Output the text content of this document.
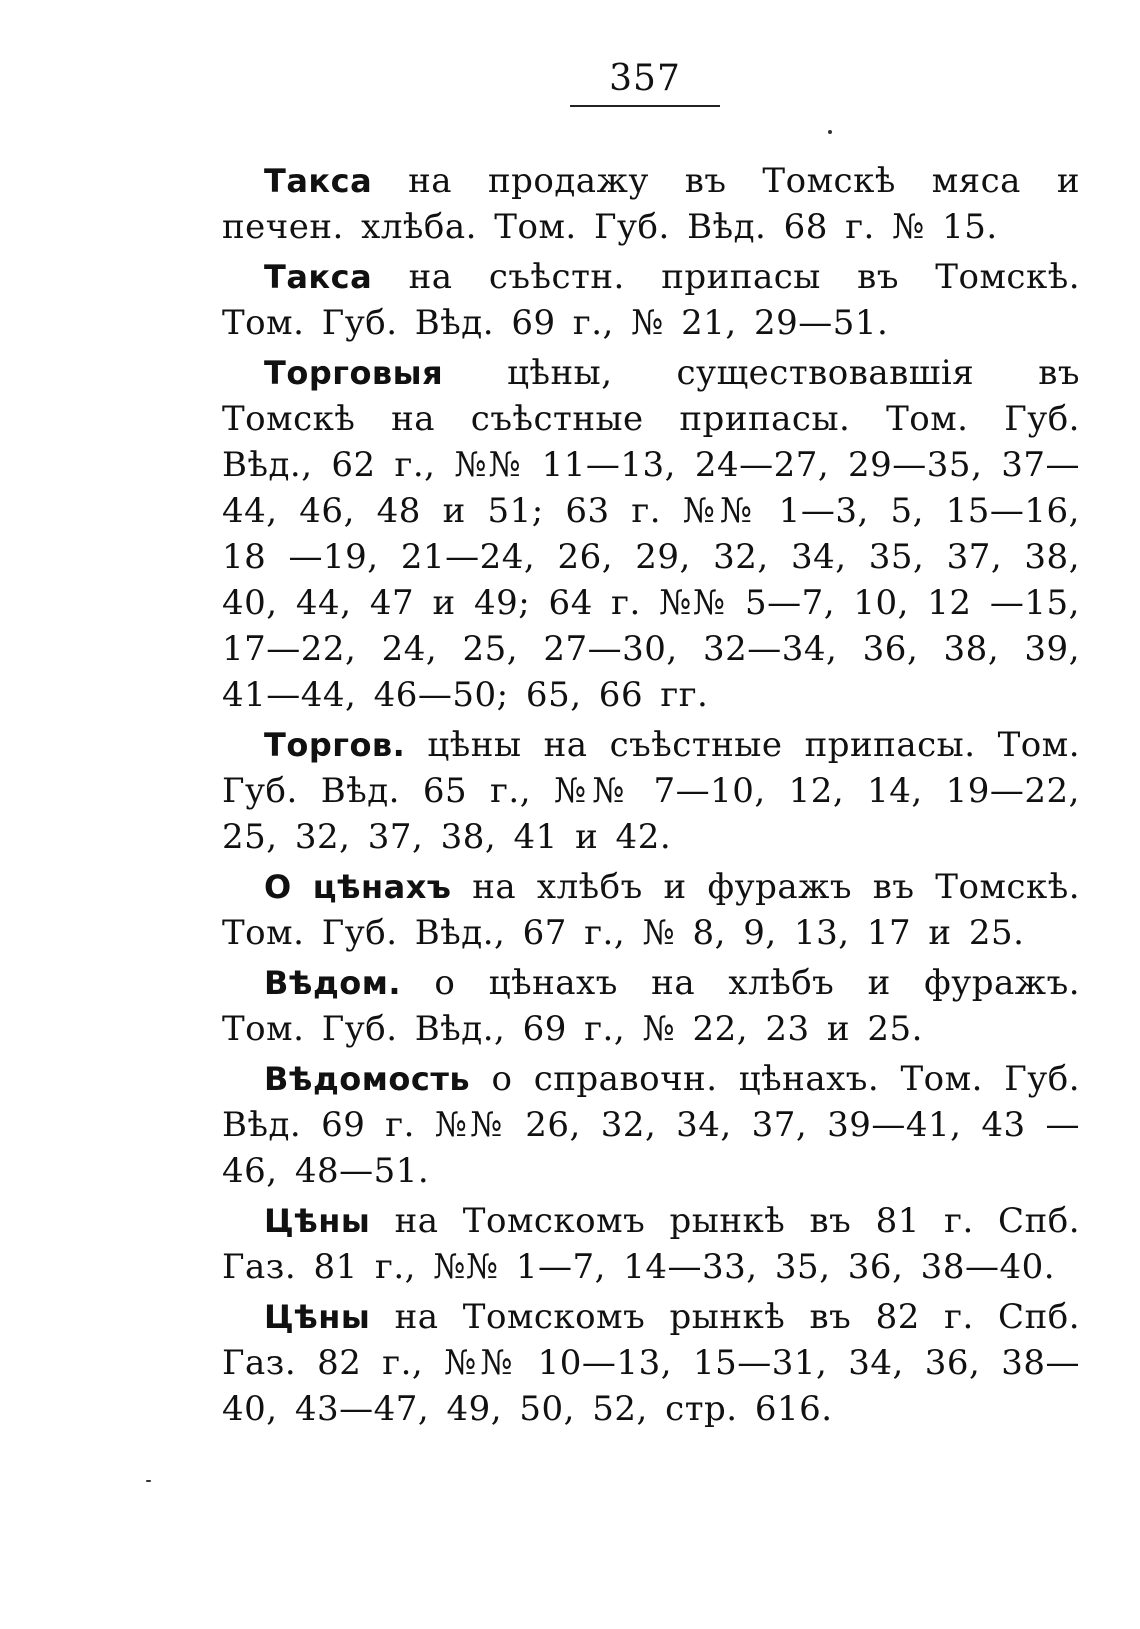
357

Такса на продажу въ Томскѣ мяса и печен. хлѣба. Том. Губ. Вѣд. 68 г. № 15.

Такса на съѣстн. припасы въ Томскѣ. Том. Губ. Вѣд. 69 г., № 21, 29—51.

Торговыя цѣны, существовавшія въ Томскѣ на съѣстные припасы. Том. Губ. Вѣд., 62 г., №№ 11—13, 24—27, 29—35, 37—44, 46, 48 и 51; 63 г. №№ 1—3, 5, 15—16, 18 —19, 21—24, 26, 29, 32, 34, 35, 37, 38, 40, 44, 47 и 49; 64 г. №№ 5—7, 10, 12 —15, 17—22, 24, 25, 27—30, 32—34, 36, 38, 39, 41—44, 46—50; 65, 66 гг.

Торгов. цѣны на съѣстные припасы. Том. Губ. Вѣд. 65 г., №№ 7—10, 12, 14, 19—22, 25, 32, 37, 38, 41 и 42.

О цѣнахъ на хлѣбъ и фуражъ въ Томскѣ. Том. Губ. Вѣд., 67 г., № 8, 9, 13, 17 и 25.

Вѣдом. о цѣнахъ на хлѣбъ и фуражъ. Том. Губ. Вѣд., 69 г., № 22, 23 и 25.

Вѣдомость о справочн. цѣнахъ. Том. Губ. Вѣд. 69 г. №№ 26, 32, 34, 37, 39—41, 43 —46, 48—51.

Цѣны на Томскомъ рынкѣ въ 81 г. Спб. Газ. 81 г., №№ 1—7, 14—33, 35, 36, 38—40.

Цѣны на Томскомъ рынкѣ въ 82 г. Спб. Газ. 82 г., №№ 10—13, 15—31, 34, 36, 38—40, 43—47, 49, 50, 52, стр. 616.
